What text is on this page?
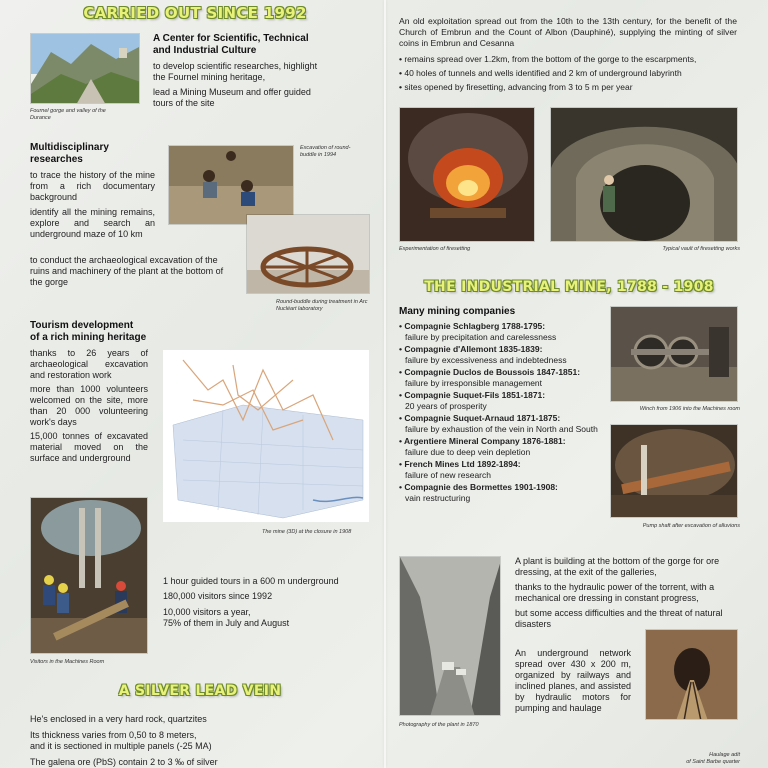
CARRIED OUT SINCE 1992
Fournel gorge and valley of the Durance
A Center for Scientific, Technical
and Industrial Culture
to develop scientific researches, highlight the Fournel mining heritage,
lead a Mining Museum and offer guided tours of the site
Multidisciplinary
researches
to trace the history of the mine from a rich documentary background
identify all the mining remains, explore and search an underground maze of 10 km
to conduct the archaeological excavation of the ruins and machinery of the plant at the bottom of the gorge
Excavation of round-buddle in 1994
Round-buddle during treatment in Arc Nucléart laboratory
Tourism development
of a rich mining heritage
thanks to 26 years of archaeological excavation and restoration work
more than 1000 volunteers welcomed on the site, more than 20 000 volunteering work's days
15,000 tonnes of excavated material moved on the surface and underground
The mine (3D) at the closure in 1908
Visitors in the Machines Room
1 hour guided tours in a 600 m underground
180,000 visitors since 1992
10,000 visitors a year,
75% of them in July and August
A SILVER LEAD VEIN
He's enclosed in a very hard rock, quartzites
Its thickness varies from 0,50 to 8 meters,
and it is sectioned in multiple panels (-25 MA)
The galena ore (PbS) contain 2 to 3 ‰ of silver
An old exploitation spread out from the 10th to the 13th century, for the benefit of the Church of Embrun and the Count of Albon (Dauphiné), supplying the minting of silver coins in Embrun and Cesanna
• remains spread over 1.2km, from the bottom of the gorge to the escarpments,
• 40 holes of tunnels and wells identified and 2 km of underground labyrinth
• sites opened by firesetting, advancing from 3 to 5 m per year
Experimentation of firesetting	Typical vault of firesetting works
THE INDUSTRIAL MINE, 1788 - 1908
Many mining companies
• Compagnie Schlagberg 1788-1795:
failure by precipitation and carelessness
• Compagnie d'Allemont 1835-1839:
failure by excessiveness and indebtedness
• Compagnie Duclos de Boussois 1847-1851:
failure by irresponsible management
• Compagnie Suquet-Fils 1851-1871:
20 years of prosperity
• Compagnie Suquet-Arnaud 1871-1875:
failure by exhaustion of the vein in North and South
• Argentiere Mineral Company 1876-1881:
failure due to deep vein depletion
• French Mines Ltd 1892-1894:
failure of new research
• Compagnie des Bormettes 1901-1908:
vain restructuring
Winch from 1906 into the Machines room
Pump shaft after excavation of alluvions
Photography of the plant in 1870
A plant is building at the bottom of the gorge for ore dressing, at the exit of the galleries,
thanks to the hydraulic power of the torrent, with a mechanical ore dressing in constant progress,
but some access difficulties and the threat of natural disasters
An underground network spread over 430 x 200 m, organized by railways and inclined planes, and assisted by hydraulic motors for pumping and haulage
Haulage adit
of Saint Barbe quarter
